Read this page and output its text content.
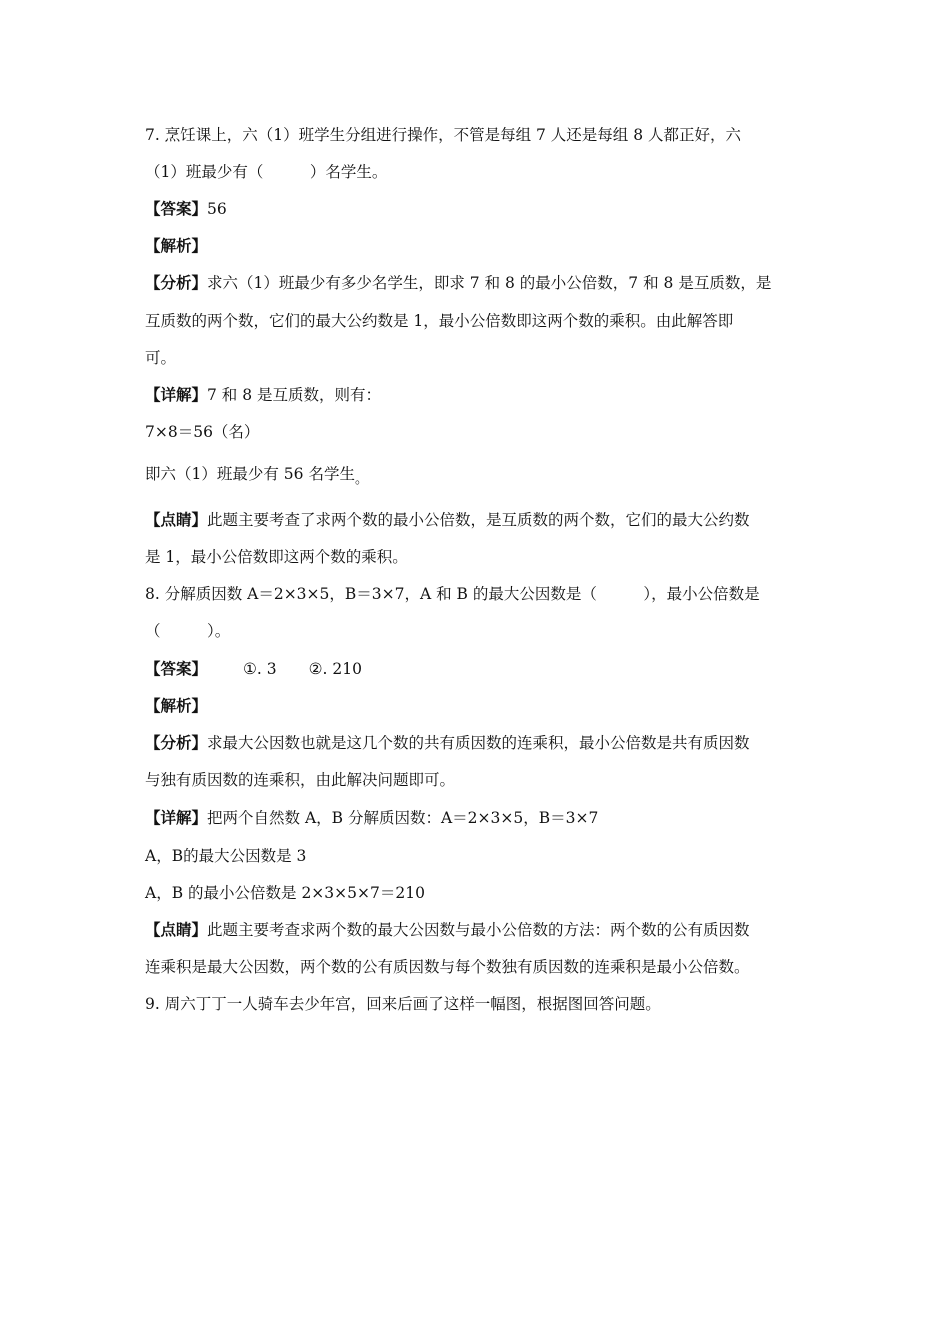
7. 烹饪课上，六（1）班学生分组进行操作，不管是每组 7 人还是每组 8 人都正好，六
（1）班最少有（　　　）名学生。
【答案】56
【解析】
【分析】求六（1）班最少有多少名学生，即求 7 和 8 的最小公倍数，7 和 8 是互质数，是
互质数的两个数，它们的最大公约数是 1，最小公倍数即这两个数的乘积。由此解答即
可。
【详解】7 和 8 是互质数，则有：
7×8＝56（名）
即六（1）班最少有 56 名学生$_。$
【点睛】此题主要考查了求两个数的最小公倍数，是互质数的两个数，它们的最大公约数
是 1，最小公倍数即这两个数的乘积。
8. 分解质因数 A＝2×3×5，B＝3×7，A 和 B 的最大公因数是（　　　），最小公倍数是
（　　　）。
【答案】 ①. 3 ②. 210
【解析】
【分析】求最大公因数也就是这几个数的共有质因数的连乘积，最小公倍数是共有质因数
与独有质因数的连乘积，由此解决问题即可。
【详解】把两个自然数 A，B 分解质因数：A＝2×3×5，B＝3×7
A，B的最大公因数是 3
A，B 的最小公倍数是 2×3×5×7＝210
【点睛】此题主要考查求两个数的最大公因数与最小公倍数的方法：两个数的公有质因数
连乘积是最大公因数，两个数的公有质因数与每个数独有质因数的连乘积是最小公倍数。
9. 周六丁丁一人骑车去少年宫，回来后画了这样一幅图，根据图回答问题。
